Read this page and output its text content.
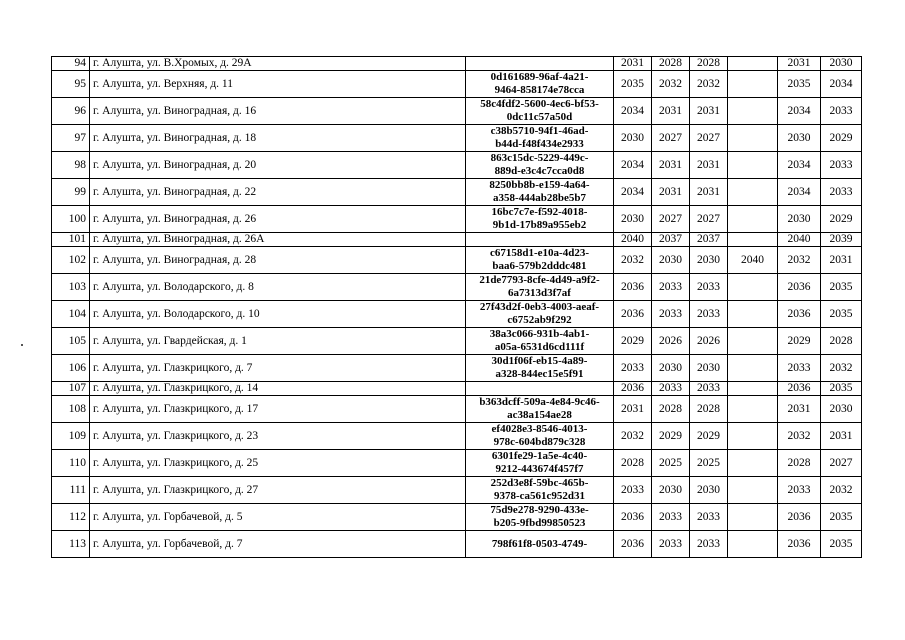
94	г. Алушта, ул. В.Хромых, д. 29А		2031	2028	2028		2031	2030
95	г. Алушта, ул. Верхняя, д. 11	0d161689-96af-4a21-
9464-858174e78cca	2035	2032	2032		2035	2034
96	г. Алушта, ул. Виноградная, д. 16	58c4fdf2-5600-4ec6-bf53-
0dc11c57a50d	2034	2031	2031		2034	2033
97	г. Алушта, ул. Виноградная, д. 18	c38b5710-94f1-46ad-
b44d-f48f434e2933	2030	2027	2027		2030	2029
98	г. Алушта, ул. Виноградная, д. 20	863c15dc-5229-449c-
889d-e3c4c7cca0d8	2034	2031	2031		2034	2033
99	г. Алушта, ул. Виноградная, д. 22	8250bb8b-e159-4a64-
a358-444ab28be5b7	2034	2031	2031		2034	2033
100	г. Алушта, ул. Виноградная, д. 26	16bc7c7e-f592-4018-
9b1d-17b89a955eb2	2030	2027	2027		2030	2029
101	г. Алушта, ул. Виноградная, д. 26А		2040	2037	2037		2040	2039
102	г. Алушта, ул. Виноградная, д. 28	c67158d1-e10a-4d23-
baa6-579b2dddc481	2032	2030	2030	2040	2032	2031
103	г. Алушта, ул. Володарского, д. 8	21de7793-8cfe-4d49-a9f2-
6a7313d3f7af	2036	2033	2033		2036	2035
104	г. Алушта, ул. Володарского, д. 10	27f43d2f-0eb3-4003-aeaf-
c6752ab9f292	2036	2033	2033		2036	2035
105	г. Алушта, ул. Гвардейская, д. 1	38a3c066-931b-4ab1-
a05a-6531d6cd111f	2029	2026	2026		2029	2028
106	г. Алушта, ул. Глазкрицкого, д. 7	30d1f06f-eb15-4a89-
a328-844ec15e5f91	2033	2030	2030		2033	2032
107	г. Алушта, ул. Глазкрицкого, д. 14		2036	2033	2033		2036	2035
108	г. Алушта, ул. Глазкрицкого, д. 17	b363dcff-509a-4e84-9c46-
ac38a154ae28	2031	2028	2028		2031	2030
109	г. Алушта, ул. Глазкрицкого, д. 23	ef4028e3-8546-4013-
978c-604bd879c328	2032	2029	2029		2032	2031
110	г. Алушта, ул. Глазкрицкого, д. 25	6301fe29-1a5e-4c40-
9212-443674f457f7	2028	2025	2025		2028	2027
111	г. Алушта, ул. Глазкрицкого, д. 27	252d3e8f-59bc-465b-
9378-ca561c952d31	2033	2030	2030		2033	2032
112	г. Алушта, ул. Горбачевой, д. 5	75d9e278-9290-433e-
b205-9fbd99850523	2036	2033	2033		2036	2035
113	г. Алушта, ул. Горбачевой, д. 7	798f61f8-0503-4749-	2036	2033	2033		2036	2035
